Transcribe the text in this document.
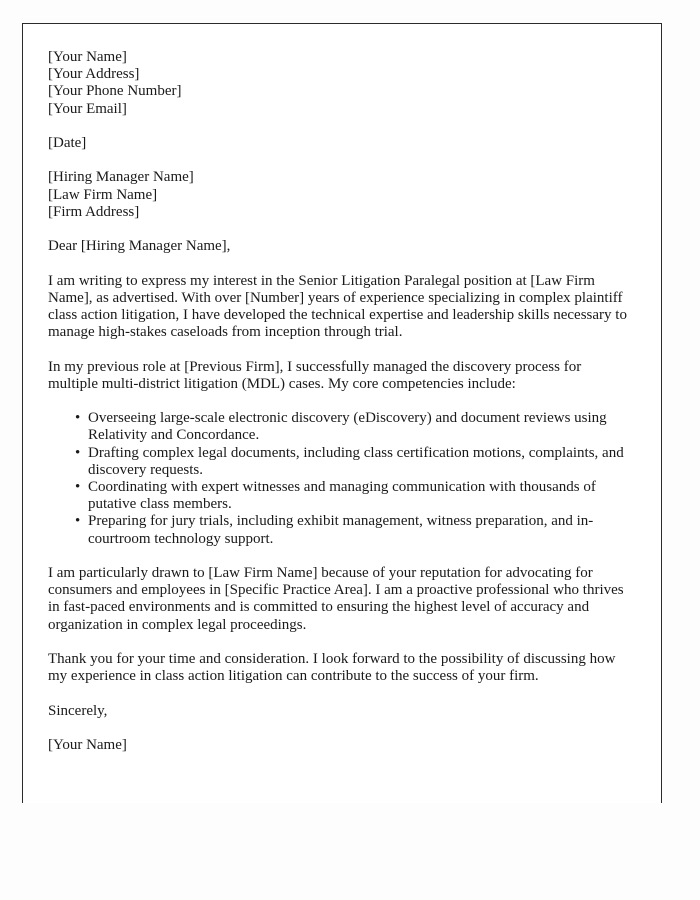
[Your Name]
[Your Address]
[Your Phone Number]
[Your Email]
[Date]
[Hiring Manager Name]
[Law Firm Name]
[Firm Address]

Dear [Hiring Manager Name],

I am writing to express my interest in the Senior Litigation Paralegal position at [Law Firm Name], as advertised. With over [Number] years of experience specializing in complex plaintiff class action litigation, I have developed the technical expertise and leadership skills necessary to manage high-stakes caseloads from inception through trial.

In my previous role at [Previous Firm], I successfully managed the discovery process for multiple multi-district litigation (MDL) cases. My core competencies include:

• Overseeing large-scale electronic discovery (eDiscovery) and document reviews using Relativity and Concordance.
• Drafting complex legal documents, including class certification motions, complaints, and discovery requests.
• Coordinating with expert witnesses and managing communication with thousands of putative class members.
• Preparing for jury trials, including exhibit management, witness preparation, and in-courtroom technology support.

I am particularly drawn to [Law Firm Name] because of your reputation for advocating for consumers and employees in [Specific Practice Area]. I am a proactive professional who thrives in fast-paced environments and is committed to ensuring the highest level of accuracy and organization in complex legal proceedings.

Thank you for your time and consideration. I look forward to the possibility of discussing how my experience in class action litigation can contribute to the success of your firm.

Sincerely,

[Your Name]
